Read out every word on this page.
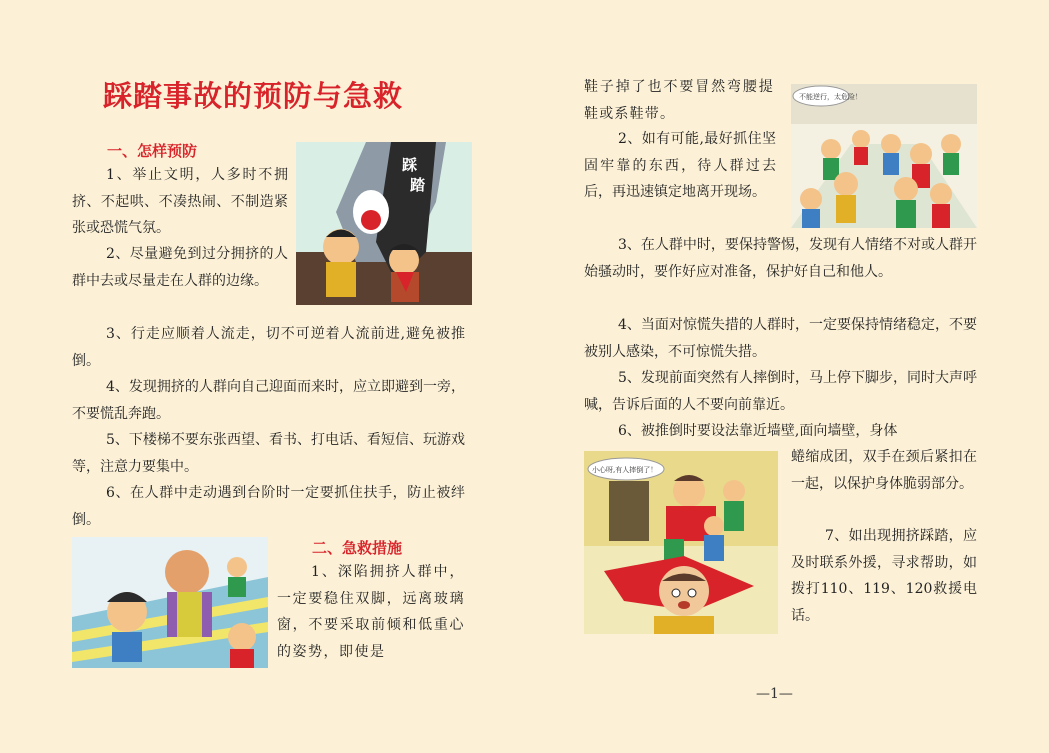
踩踏事故的预防与急救
一、怎样预防

1、举止文明，人多时不拥挤、不起哄、不凑热闹、不制造紧张或恐慌气氛。

2、尽量避免到过分拥挤的人群中去或尽量走在人群的边缘。

3、行走应顺着人流走，切不可逆着人流前进,避免被推倒。

4、发现拥挤的人群向自己迎面而来时，应立即避到一旁，不要慌乱奔跑。

5、下楼梯不要东张西望、看书、打电话、看短信、玩游戏等，注意力要集中。

6、在人群中走动遇到台阶时一定要抓住扶手，防止被绊倒。

二、急救措施

1、深陷拥挤人群中，一定要稳住双脚，远离玻璃窗，不要采取前倾和低重心的姿势，即使是

鞋子掉了也不要冒然弯腰提鞋或系鞋带。

2、如有可能,最好抓住坚固牢靠的东西，待人群过去后，再迅速镇定地离开现场。

3、在人群中时，要保持警惕，发现有人情绪不对或人群开始骚动时，要作好应对准备，保护好自己和他人。

4、当面对惊慌失措的人群时，一定要保持情绪稳定，不要被别人感染，不可惊慌失措。

5、发现前面突然有人摔倒时，马上停下脚步，同时大声呼喊，告诉后面的人不要向前靠近。

6、被推倒时要设法靠近墙壁,面向墙壁，身体

蜷缩成团，双手在颈后紧扣在一起，以保护身体脆弱部分。

7、如出现拥挤踩踏，应及时联系外援，寻求帮助，如拨打110、119、120救援电话。

踩
踏
不能逆行，太危险！
小心呀,有人摔倒了！
—1—
